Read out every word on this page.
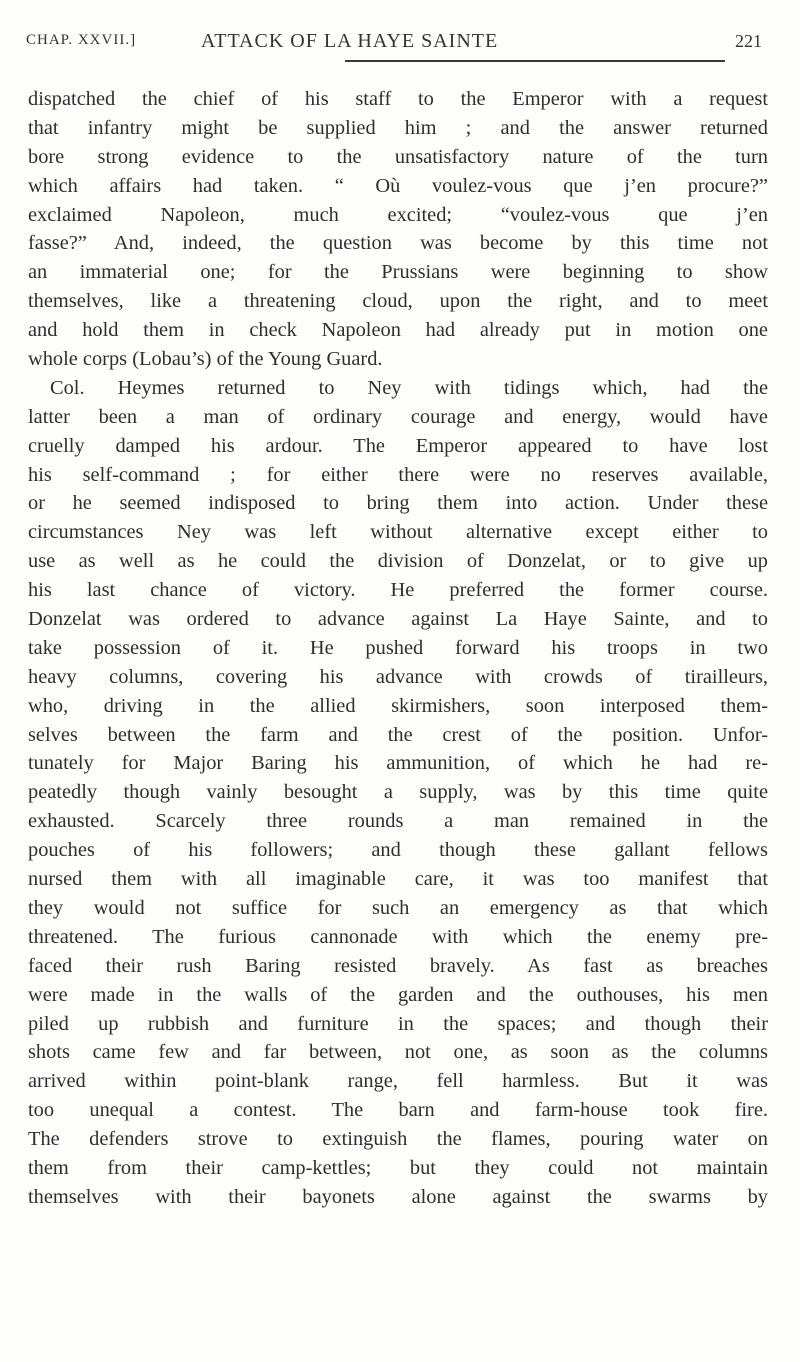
CHAP. XXVII.]	ATTACK OF LA HAYE SAINTE	221
dispatched the chief of his staff to the Emperor with a request
that infantry might be supplied him ; and the answer returned
bore strong evidence to the unsatisfactory nature of the turn
which affairs had taken. “ Où voulez-vous que j’en procure?”
exclaimed Napoleon, much excited; “voulez-vous que j’en
fasse?” And, indeed, the question was become by this time not
an immaterial one; for the Prussians were beginning to show
themselves, like a threatening cloud, upon the right, and to meet
and hold them in check Napoleon had already put in motion one
whole corps (Lobau’s) of the Young Guard.
Col. Heymes returned to Ney with tidings which, had the
latter been a man of ordinary courage and energy, would have
cruelly damped his ardour. The Emperor appeared to have lost
his self-command ; for either there were no reserves available,
or he seemed indisposed to bring them into action. Under these
circumstances Ney was left without alternative except either to
use as well as he could the division of Donzelat, or to give up
his last chance of victory. He preferred the former course.
Donzelat was ordered to advance against La Haye Sainte, and to
take possession of it. He pushed forward his troops in two
heavy columns, covering his advance with crowds of tirailleurs,
who, driving in the allied skirmishers, soon interposed them-
selves between the farm and the crest of the position. Unfor-
tunately for Major Baring his ammunition, of which he had re-
peatedly though vainly besought a supply, was by this time quite
exhausted. Scarcely three rounds a man remained in the
pouches of his followers; and though these gallant fellows
nursed them with all imaginable care, it was too manifest that
they would not suffice for such an emergency as that which
threatened. The furious cannonade with which the enemy pre-
faced their rush Baring resisted bravely. As fast as breaches
were made in the walls of the garden and the outhouses, his men
piled up rubbish and furniture in the spaces; and though their
shots came few and far between, not one, as soon as the columns
arrived within point-blank range, fell harmless. But it was
too unequal a contest. The barn and farm-house took fire.
The defenders strove to extinguish the flames, pouring water on
them from their camp-kettles; but they could not maintain
themselves with their bayonets alone against the swarms by
